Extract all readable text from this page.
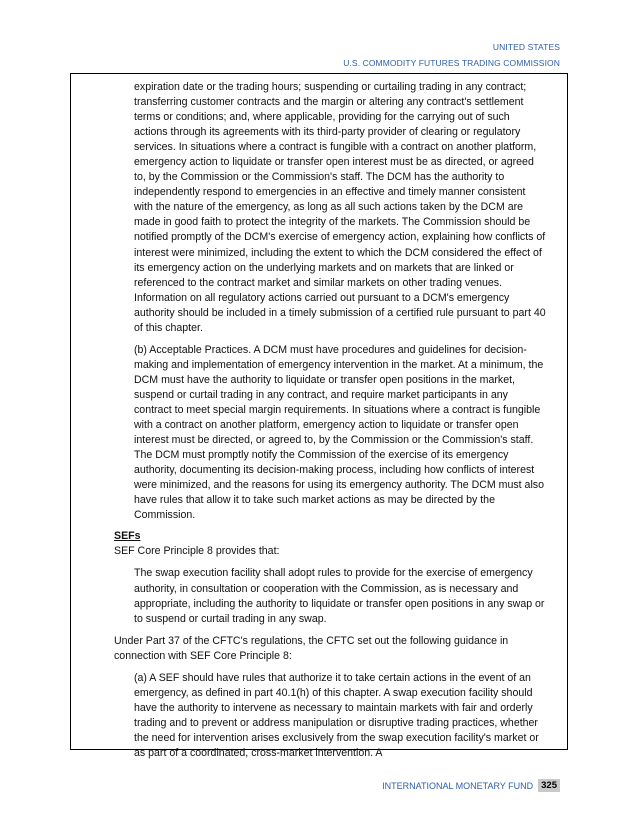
UNITED STATES
U.S. COMMODITY FUTURES TRADING COMMISSION

expiration date or the trading hours; suspending or curtailing trading in any contract; transferring customer contracts and the margin or altering any contract's settlement terms or conditions; and, where applicable, providing for the carrying out of such actions through its agreements with its third-party provider of clearing or regulatory services. In situations where a contract is fungible with a contract on another platform, emergency action to liquidate or transfer open interest must be as directed, or agreed to, by the Commission or the Commission's staff. The DCM has the authority to independently respond to emergencies in an effective and timely manner consistent with the nature of the emergency, as long as all such actions taken by the DCM are made in good faith to protect the integrity of the markets. The Commission should be notified promptly of the DCM's exercise of emergency action, explaining how conflicts of interest were minimized, including the extent to which the DCM considered the effect of its emergency action on the underlying markets and on markets that are linked or referenced to the contract market and similar markets on other trading venues. Information on all regulatory actions carried out pursuant to a DCM's emergency authority should be included in a timely submission of a certified rule pursuant to part 40 of this chapter.

(b) Acceptable Practices. A DCM must have procedures and guidelines for decision-making and implementation of emergency intervention in the market. At a minimum, the DCM must have the authority to liquidate or transfer open positions in the market, suspend or curtail trading in any contract, and require market participants in any contract to meet special margin requirements. In situations where a contract is fungible with a contract on another platform, emergency action to liquidate or transfer open interest must be directed, or agreed to, by the Commission or the Commission's staff. The DCM must promptly notify the Commission of the exercise of its emergency authority, documenting its decision-making process, including how conflicts of interest were minimized, and the reasons for using its emergency authority. The DCM must also have rules that allow it to take such market actions as may be directed by the Commission.

SEFs

SEF Core Principle 8 provides that:

The swap execution facility shall adopt rules to provide for the exercise of emergency authority, in consultation or cooperation with the Commission, as is necessary and appropriate, including the authority to liquidate or transfer open positions in any swap or to suspend or curtail trading in any swap.

Under Part 37 of the CFTC's regulations, the CFTC set out the following guidance in connection with SEF Core Principle 8:

(a) A SEF should have rules that authorize it to take certain actions in the event of an emergency, as defined in part 40.1(h) of this chapter. A swap execution facility should have the authority to intervene as necessary to maintain markets with fair and orderly trading and to prevent or address manipulation or disruptive trading practices, whether the need for intervention arises exclusively from the swap execution facility's market or as part of a coordinated, cross-market intervention. A

INTERNATIONAL MONETARY FUND 325
